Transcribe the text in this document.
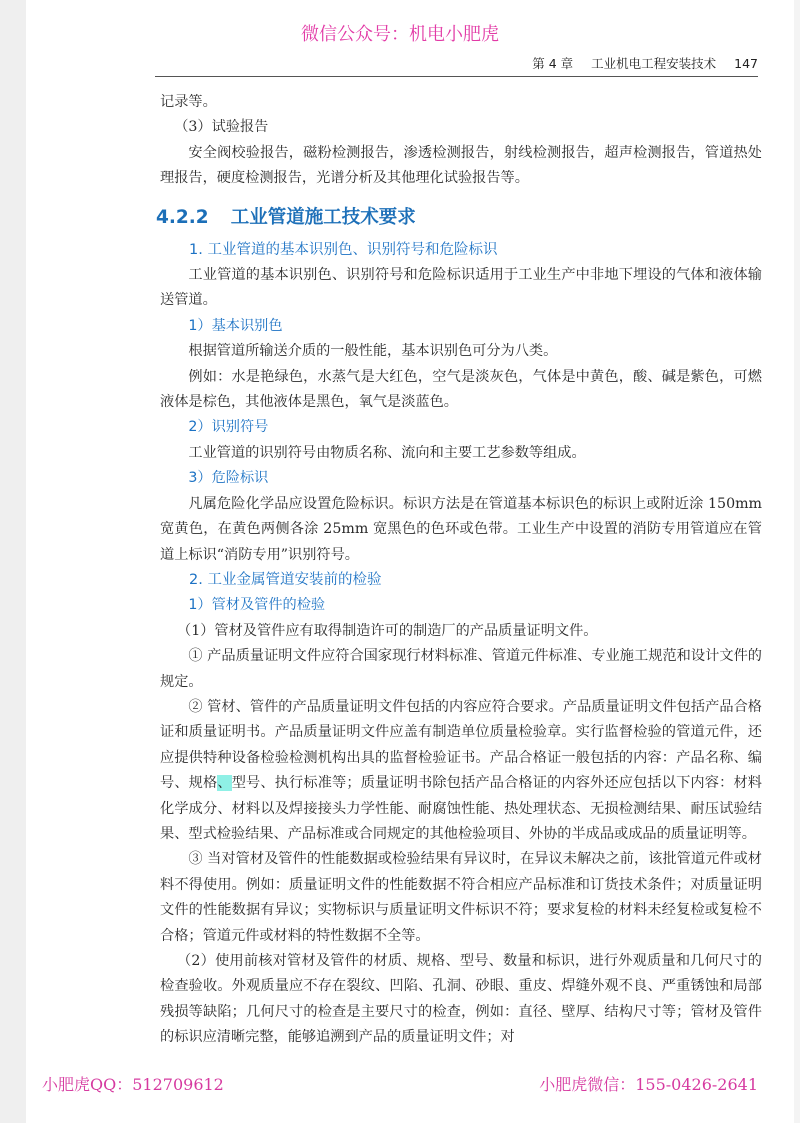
微信公众号：机电小肥虎
第 4 章 工业机电工程安装技术 147

记录等。

（3）试验报告

安全阀校验报告，磁粉检测报告，渗透检测报告，射线检测报告，超声检测报告，管道热处理报告，硬度检测报告，光谱分析及其他理化试验报告等。

4.2.2 工业管道施工技术要求
1. 工业管道的基本识别色、识别符号和危险标识

工业管道的基本识别色、识别符号和危险标识适用于工业生产中非地下埋设的气体和液体输送管道。

1）基本识别色

根据管道所输送介质的一般性能，基本识别色可分为八类。

例如：水是艳绿色，水蒸气是大红色，空气是淡灰色，气体是中黄色，酸、碱是紫色，可燃液体是棕色，其他液体是黑色，氧气是淡蓝色。

2）识别符号

工业管道的识别符号由物质名称、流向和主要工艺参数等组成。

3）危险标识

凡属危险化学品应设置危险标识。标识方法是在管道基本标识色的标识上或附近涂 150mm 宽黄色，在黄色两侧各涂 25mm 宽黑色的色环或色带。工业生产中设置的消防专用管道应在管道上标识“消防专用”识别符号。

2. 工业金属管道安装前的检验
1）管材及管件的检验

（1）管材及管件应有取得制造许可的制造厂的产品质量证明文件。

① 产品质量证明文件应符合国家现行材料标准、管道元件标准、专业施工规范和设计文件的规定。

② 管材、管件的产品质量证明文件包括的内容应符合要求。产品质量证明文件包括产品合格证和质量证明书。产品质量证明文件应盖有制造单位质量检验章。实行监督检验的管道元件，还应提供特种设备检验检测机构出具的监督检验证书。产品合格证一般包括的内容：产品名称、编号、规格、型号、执行标准等；质量证明书除包括产品合格证的内容外还应包括以下内容：材料化学成分、材料以及焊接接头力学性能、耐腐蚀性能、热处理状态、无损检测结果、耐压试验结果、型式检验结果、产品标准或合同规定的其他检验项目、外协的半成品或成品的质量证明等。

③ 当对管材及管件的性能数据或检验结果有异议时，在异议未解决之前，该批管道元件或材料不得使用。例如：质量证明文件的性能数据不符合相应产品标准和订货技术条件；对质量证明文件的性能数据有异议；实物标识与质量证明文件标识不符；要求复检的材料未经复检或复检不合格；管道元件或材料的特性数据不全等。

（2）使用前核对管材及管件的材质、规格、型号、数量和标识，进行外观质量和几何尺寸的检查验收。外观质量应不存在裂纹、凹陷、孔洞、砂眼、重皮、焊缝外观不良、严重锈蚀和局部残损等缺陷；几何尺寸的检查是主要尺寸的检查，例如：直径、壁厚、结构尺寸等；管材及管件的标识应清晰完整，能够追溯到产品的质量证明文件；对

小肥虎QQ：512709612	小肥虎微信：155-0426-2641
